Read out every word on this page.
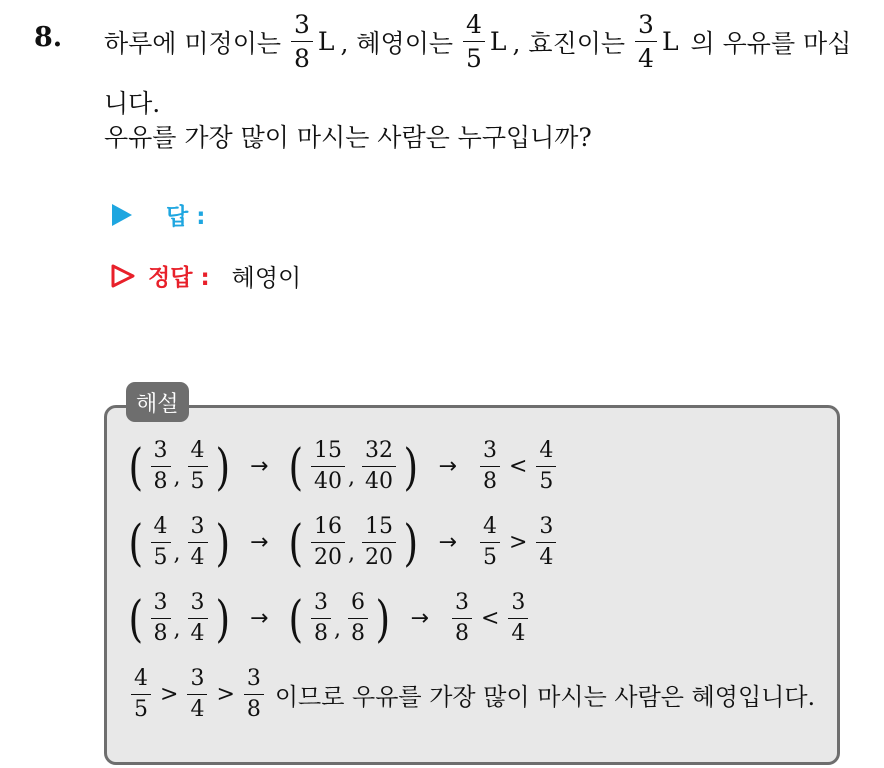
8. 하루에 미정이는 $\frac{3}{8}$ L , 혜영이는 $\frac{4}{5}$ L , 효진이는 $\frac{3}{4}$ L 의 우유를 마십
니다.
우유를 가장 많이 마시는 사람은 누구입니까?
답 :
정답 : 혜영이
해설
( $\frac{3}{8}$ , $\frac{4}{5}$ ) → ( $\frac{15}{40}$ , $\frac{32}{40}$ ) → $\frac{3}{8} < \frac{4}{5}$
( $\frac{4}{5}$ , $\frac{3}{4}$ ) → ( $\frac{16}{20}$ , $\frac{15}{20}$ ) → $\frac{4}{5} > \frac{3}{4}$
( $\frac{3}{8}$ , $\frac{3}{4}$ ) → ( $\frac{3}{8}$ , $\frac{6}{8}$ ) → $\frac{3}{8} < \frac{3}{4}$
$\frac{4}{5} > \frac{3}{4} > \frac{3}{8}$ 이므로 우유를 가장 많이 마시는 사람은 혜영입니다.
